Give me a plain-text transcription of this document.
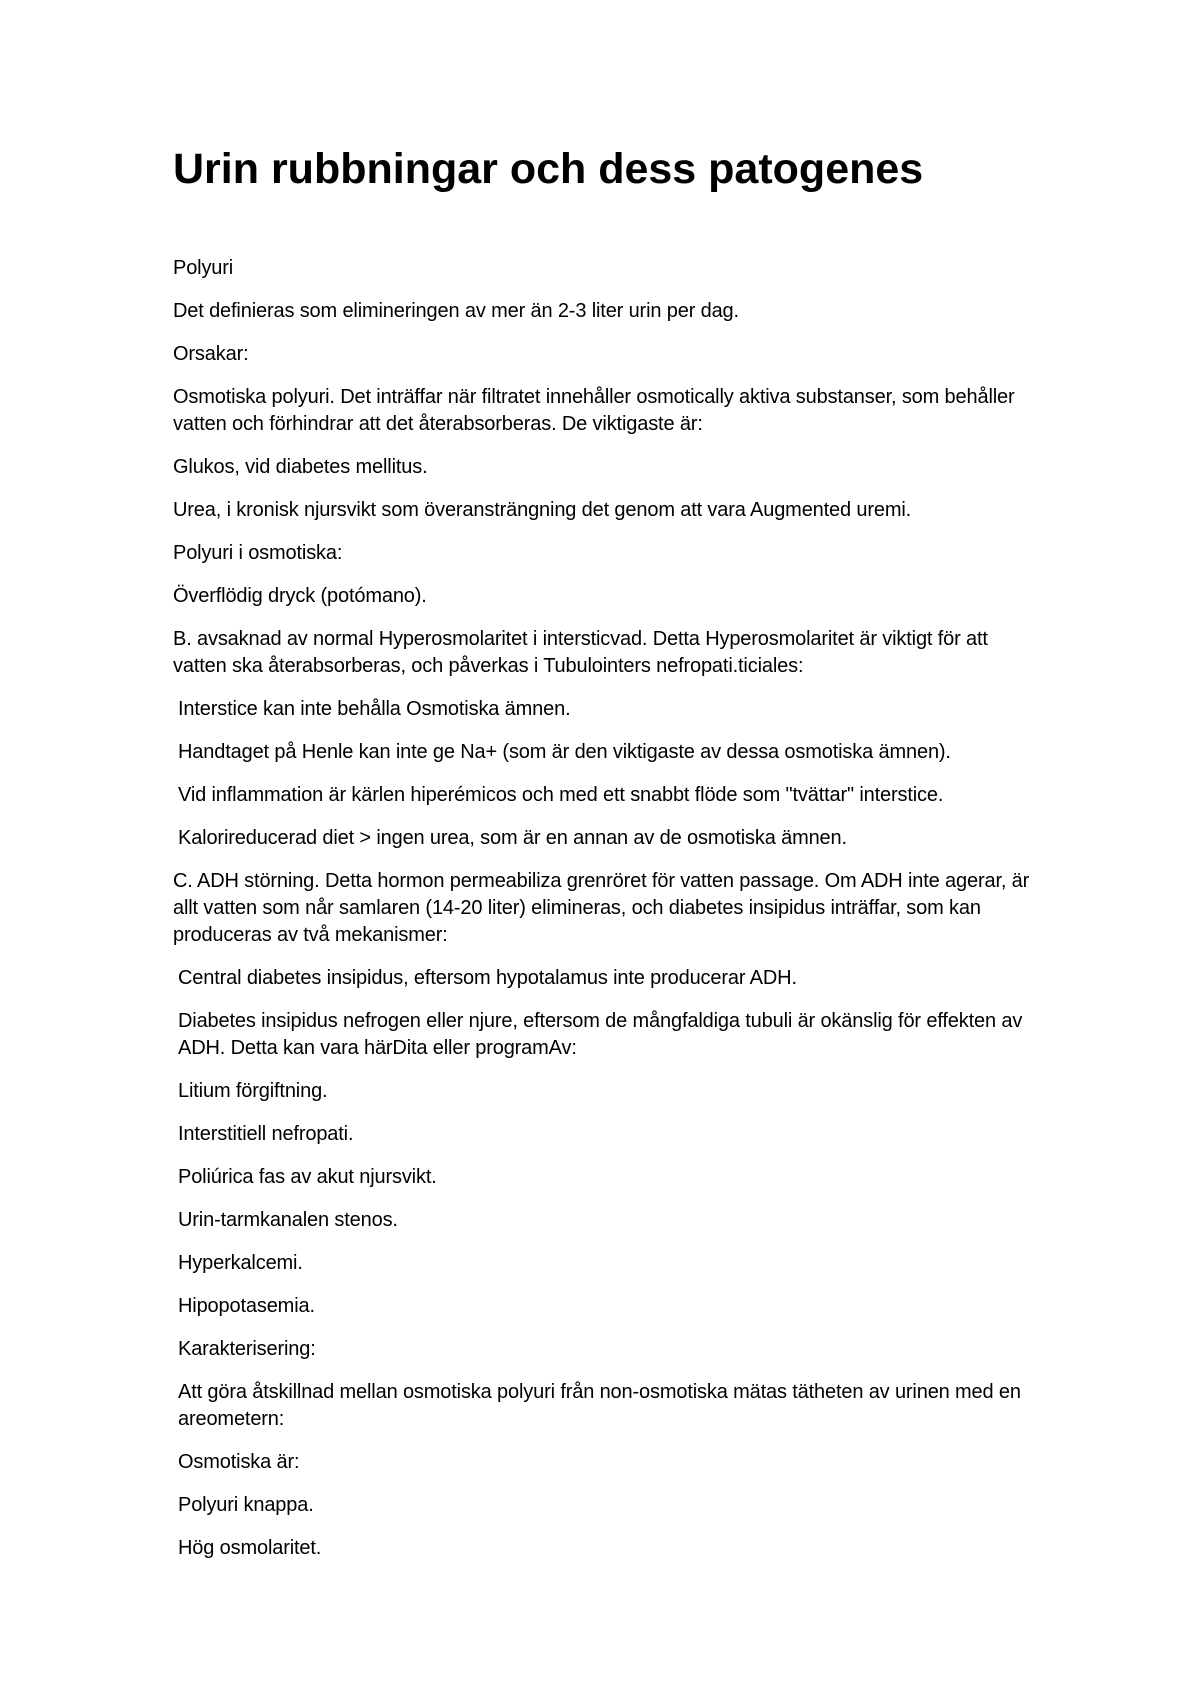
Urin rubbningar och dess patogenes

Polyuri

Det definieras som elimineringen av mer än 2-3 liter urin per dag.

Orsakar:

Osmotiska polyuri. Det inträffar när filtratet innehåller osmotically aktiva substanser, som behåller vatten och förhindrar att det återabsorberas. De viktigaste är:

Glukos, vid diabetes mellitus.

Urea, i kronisk njursvikt som överansträngning det genom att vara Augmented uremi.

Polyuri i osmotiska:

Överflödig dryck (potómano).

B. avsaknad av normal Hyperosmolaritet i intersticvad. Detta Hyperosmolaritet är viktigt för att vatten ska återabsorberas, och påverkas i Tubulointers nefropati.ticiales:

Interstice kan inte behålla Osmotiska ämnen.

Handtaget på Henle kan inte ge Na+ (som är den viktigaste av dessa osmotiska ämnen).

Vid inflammation är kärlen hiperémicos och med ett snabbt flöde som "tvättar" interstice.

Kalorireducerad diet > ingen urea, som är en annan av de osmotiska ämnen.

C. ADH störning. Detta hormon permeabiliza grenröret för vatten passage. Om ADH inte agerar, är allt vatten som når samlaren (14-20 liter) elimineras, och diabetes insipidus inträffar, som kan produceras av två mekanismer:

Central diabetes insipidus, eftersom hypotalamus inte producerar ADH.

Diabetes insipidus nefrogen eller njure, eftersom de mångfaldiga tubuli är okänslig för effekten av ADH. Detta kan vara härDita eller programAv:

Litium förgiftning.

Interstitiell nefropati.

Poliúrica fas av akut njursvikt.

Urin-tarmkanalen stenos.

Hyperkalcemi.

Hipopotasemia.

Karakterisering:

Att göra åtskillnad mellan osmotiska polyuri från non-osmotiska mätas tätheten av urinen med en areometern:

Osmotiska är:

Polyuri knappa.

Hög osmolaritet.
